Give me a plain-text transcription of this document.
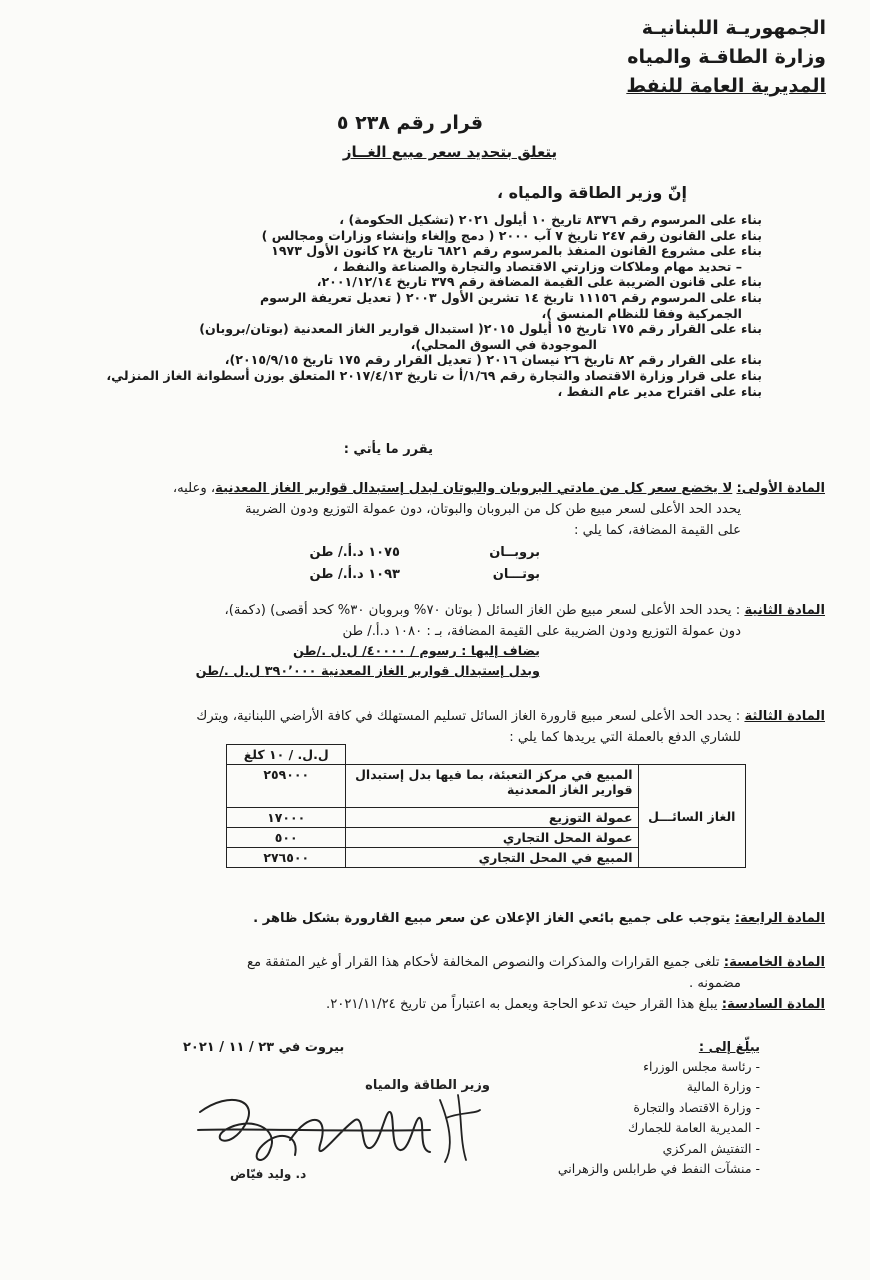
الجمهوريـة اللبنانيـة
وزارة الطاقـة والمياه
المديرية العامة للنفط
قرار رقم ٢٣٨ ٥
يتعلق بتحديد سعر مبيع الغــاز
إنّ وزير الطاقة والمياه ،
بناء على المرسوم رقم ٨٣٧٦ تاريخ ١٠ أيلول ٢٠٢١ (تشكيل الحكومة) ،
بناء على القانون رقم ٢٤٧ تاريخ ٧ آب ٢٠٠٠ ( دمج وإلغاء وإنشاء وزارات ومجالس )
بناء على مشروع القانون المنفذ بالمرسوم رقم ٦٨٢١ تاريخ ٢٨ كانون الأول ١٩٧٣
– تحديد مهام وملاكات وزارتي الاقتصاد والتجارة والصناعة والنفط ،
بناء على قانون الضريبة على القيمة المضافة رقم ٣٧٩ تاريخ ٢٠٠١/١٢/١٤،
بناء على المرسوم رقم ١١١٥٦ تاريخ ١٤ تشرين الأول ٢٠٠٣ ( تعديل تعريفة الرسوم
الجمركية وفقا للنظام المنسق )،
بناء على القرار رقم ١٧٥ تاريخ ١٥ أيلول ٢٠١٥( استبدال قوارير الغاز المعدنية (بوتان/بروبان)
الموجودة في السوق المحلي)،
بناء على القرار رقم ٨٢ تاريخ ٢٦ نيسان ٢٠١٦ ( تعديل القرار رقم ١٧٥ تاريخ ٢٠١٥/٩/١٥)،
بناء على قرار وزارة الاقتصاد والتجارة رقم ١/٦٩/أ ت تاريخ ٢٠١٧/٤/١٣ المتعلق بوزن أسطوانة الغاز المنزلي،
بناء على اقتراح مدير عام النفط ،
يقرر ما يأتي :
المادة الأولى: لا يخضع سعر كل من مادتي البروبان والبوتان لبدل إستبدال قوارير الغاز المعدنية، وعليه،
يحدد الحد الأعلى لسعر مبيع طن كل من البروبان والبوتان، دون عمولة التوزيع ودون الضريبة
على القيمة المضافة، كما يلي :
بروبــان
١٠٧٥ د.أ./ طن
بوتـــان
١٠٩٣ د.أ./ طن
المادة الثانية : يحدد الحد الأعلى لسعر مبيع طن الغاز السائل ( بوتان ٧٠% وبروبان ٣٠% كحد أقصى) (دكمة)،
دون عمولة التوزيع ودون الضريبة على القيمة المضافة، بـ : ١٠٨٠ د.أ./ طن
يضاف إليها : رسوم / ٤٠٠٠٠/ ل.ل ./طن
وبدل إستبدال قوارير الغاز المعدنية ٣٩٠٬٠٠٠ ل.ل ./طن
المادة الثالثة : يحدد الحد الأعلى لسعر مبيع قارورة الغاز السائل تسليم المستهلك في كافة الأراضي اللبنانية، ويترك
للشاري الدفع بالعملة التي يريدها كما يلي :
		ل.ل. / ١٠ كلغ
الغاز السائـــل	المبيع في مركز التعبئة، بما فيها بدل إستبدال قوارير الغاز المعدنية	٢٥٩٠٠٠
	عمولة التوزيع	١٧٠٠٠
	عمولة المحل التجاري	٥٠٠
	المبيع في المحل التجاري	٢٧٦٥٠٠
المادة الرابعة: يتوجب على جميع بائعي الغاز الإعلان عن سعر مبيع القارورة بشكل ظاهر .
المادة الخامسة: تلغى جميع القرارات والمذكرات والنصوص المخالفة لأحكام هذا القرار أو غير المتفقة مع
مضمونه .
المادة السادسة: يبلغ هذا القرار حيث تدعو الحاجة ويعمل به اعتباراً من تاريخ ٢٠٢١/١١/٢٤.
بيروت في ٢٣ / ١١ / ٢٠٢١
وزير الطاقة والمياه
د. وليد فيّاض
يبلّغ إلى :
- رئاسة مجلس الوزراء
- وزارة المالية
- وزارة الاقتصاد والتجارة
- المديرية العامة للجمارك
- التفتيش المركزي
- منشآت النفط في طرابلس والزهراني
